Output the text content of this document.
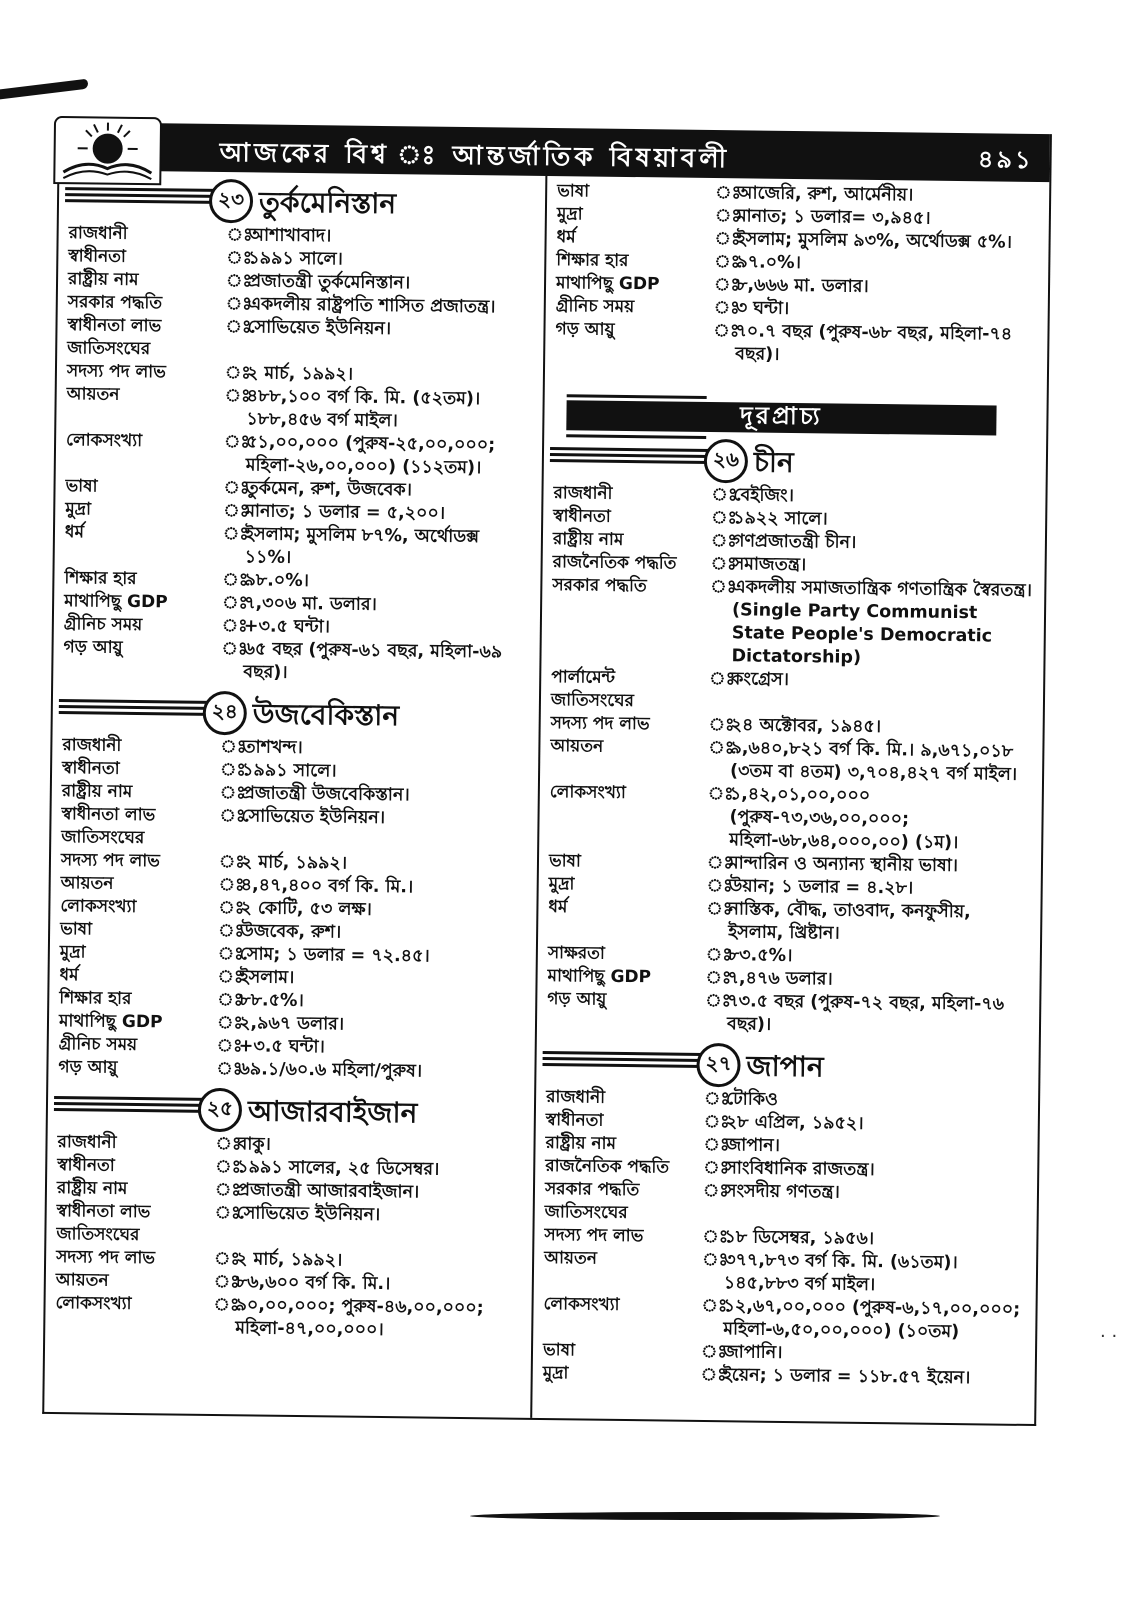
আজকের বিশ্ব ঃ আন্তর্জাতিক বিষয়াবলী	৪৯১
২৩ তুর্কমেনিস্তান
রাজধানী	ঃ
আশাখাবাদ।
স্বাধীনতা	ঃ
১৯৯১ সালে।
রাষ্ট্রীয় নাম	ঃ
প্রজাতন্ত্রী তুর্কমেনিস্তান।
সরকার পদ্ধতি	ঃ
একদলীয় রাষ্ট্রপতি শাসিত প্রজাতন্ত্র।
স্বাধীনতা লাভ	ঃ
সোভিয়েত ইউনিয়ন।
জাতিসংঘের
সদস্য পদ লাভ	ঃ
২ মার্চ, ১৯৯২।
আয়তন	ঃ
৪৮৮,১০০ বর্গ কি. মি. (৫২তম)। ১৮৮,৪৫৬ বর্গ মাইল।
লোকসংখ্যা	ঃ
৫১,০০,০০০ (পুরুষ-২৫,০০,০০০; মহিলা-২৬,০০,০০০) (১১২তম)।
ভাষা	ঃ
তুর্কমেন, রুশ, উজবেক।
মুদ্রা	ঃ
মানাত; ১ ডলার = ৫,২০০।
ধর্ম	ঃ
ইসলাম; মুসলিম ৮৭%, অর্থোডক্স ১১%।
শিক্ষার হার	ঃ
৯৮.০%।
মাথাপিছু GDP	ঃ
৭,৩০৬ মা. ডলার।
গ্রীনিচ সময়	ঃ
+৩.৫ ঘন্টা।
গড় আয়ু	ঃ
৬৫ বছর (পুরুষ-৬১ বছর, মহিলা-৬৯ বছর)।
২৪ উজবেকিস্তান
রাজধানী	ঃ
তাশখন্দ।
স্বাধীনতা	ঃ
১৯৯১ সালে।
রাষ্ট্রীয় নাম	ঃ
প্রজাতন্ত্রী উজবেকিস্তান।
স্বাধীনতা লাভ	ঃ
সোভিয়েত ইউনিয়ন।
জাতিসংঘের
সদস্য পদ লাভ	ঃ
২ মার্চ, ১৯৯২।
আয়তন	ঃ
৪,৪৭,৪০০ বর্গ কি. মি.।
লোকসংখ্যা	ঃ
২ কোটি, ৫৩ লক্ষ।
ভাষা	ঃ
উজবেক, রুশ।
মুদ্রা	ঃ
সোম; ১ ডলার = ৭২.৪৫।
ধর্ম	ঃ
ইসলাম।
শিক্ষার হার	ঃ
৮৮.৫%।
মাথাপিছু GDP	ঃ
২,৯৬৭ ডলার।
গ্রীনিচ সময়	ঃ
+৩.৫ ঘন্টা।
গড় আয়ু	ঃ
৬৯.১/৬০.৬ মহিলা/পুরুষ।
২৫ আজারবাইজান
রাজধানী	ঃ
বাকু।
স্বাধীনতা	ঃ
১৯৯১ সালের, ২৫ ডিসেম্বর।
রাষ্ট্রীয় নাম	ঃ
প্রজাতন্ত্রী আজারবাইজান।
স্বাধীনতা লাভ	ঃ
সোভিয়েত ইউনিয়ন।
জাতিসংঘের
সদস্য পদ লাভ	ঃ
২ মার্চ, ১৯৯২।
আয়তন	ঃ
৮৬,৬০০ বর্গ কি. মি.।
লোকসংখ্যা	ঃ
৯০,০০,০০০; পুরুষ-৪৬,০০,০০০; মহিলা-৪৭,০০,০০০।
ভাষা	ঃ
আজেরি, রুশ, আর্মেনীয়।
মুদ্রা	ঃ
মানাত; ১ ডলার= ৩,৯৪৫।
ধর্ম	ঃ
ইসলাম; মুসলিম ৯৩%, অর্থোডক্স ৫%।
শিক্ষার হার	ঃ
৯৭.০%।
মাথাপিছু GDP	ঃ
৮,৬৬৬ মা. ডলার।
গ্রীনিচ সময়	ঃ
৩ ঘন্টা।
গড় আয়ু	ঃ
৭০.৭ বছর (পুরুষ-৬৮ বছর, মহিলা-৭৪ বছর)।
দূরপ্রাচ্য
২৬ চীন
রাজধানী	ঃ
বেইজিং।
স্বাধীনতা	ঃ
১৯২২ সালে।
রাষ্ট্রীয় নাম	ঃ
গণপ্রজাতন্ত্রী চীন।
রাজনৈতিক পদ্ধতি	ঃ
সমাজতন্ত্র।
সরকার পদ্ধতি	ঃ
একদলীয় সমাজতান্ত্রিক গণতান্ত্রিক স্বৈরতন্ত্র। (Single Party Communist State People's Democratic Dictatorship)
পার্লামেন্ট	ঃ
কংগ্রেস।
জাতিসংঘের
সদস্য পদ লাভ	ঃ
২৪ অক্টোবর, ১৯৪৫।
আয়তন	ঃ
৯,৬৪০,৮২১ বর্গ কি. মি.। ৯,৬৭১,০১৮ (৩তম বা ৪তম) ৩,৭০৪,৪২৭ বর্গ মাইল।
লোকসংখ্যা	ঃ
১,৪২,০১,০০,০০০ (পুরুষ-৭৩,৩৬,০০,০০০; মহিলা-৬৮,৬৪,০০০,০০) (১ম)।
ভাষা	ঃ
মান্দারিন ও অন্যান্য স্থানীয় ভাষা।
মুদ্রা	ঃ
উয়ান; ১ ডলার = ৪.২৮।
ধর্ম	ঃ
নাস্তিক, বৌদ্ধ, তাওবাদ, কনফুসীয়, ইসলাম, খ্রিষ্টান।
সাক্ষরতা	ঃ
৮৩.৫%।
মাথাপিছু GDP	ঃ
৭,৪৭৬ ডলার।
গড় আয়ু	ঃ
৭৩.৫ বছর (পুরুষ-৭২ বছর, মহিলা-৭৬ বছর)।
২৭ জাপান
রাজধানী	ঃ
টোকিও
স্বাধীনতা	ঃ
২৮ এপ্রিল, ১৯৫২।
রাষ্ট্রীয় নাম	ঃ
জাপান।
রাজনৈতিক পদ্ধতি	ঃ
সাংবিধানিক রাজতন্ত্র।
সরকার পদ্ধতি	ঃ
সংসদীয় গণতন্ত্র।
জাতিসংঘের
সদস্য পদ লাভ	ঃ
১৮ ডিসেম্বর, ১৯৫৬।
আয়তন	ঃ
৩৭৭,৮৭৩ বর্গ কি. মি. (৬১তম)। ১৪৫,৮৮৩ বর্গ মাইল।
লোকসংখ্যা	ঃ
১২,৬৭,০০,০০০ (পুরুষ-৬,১৭,০০,০০০; মহিলা-৬,৫০,০০,০০০) (১০তম)
ভাষা	ঃ
জাপানি।
মুদ্রা	ঃ
ইয়েন; ১ ডলার = ১১৮.৫৭ ইয়েন।
· ·
